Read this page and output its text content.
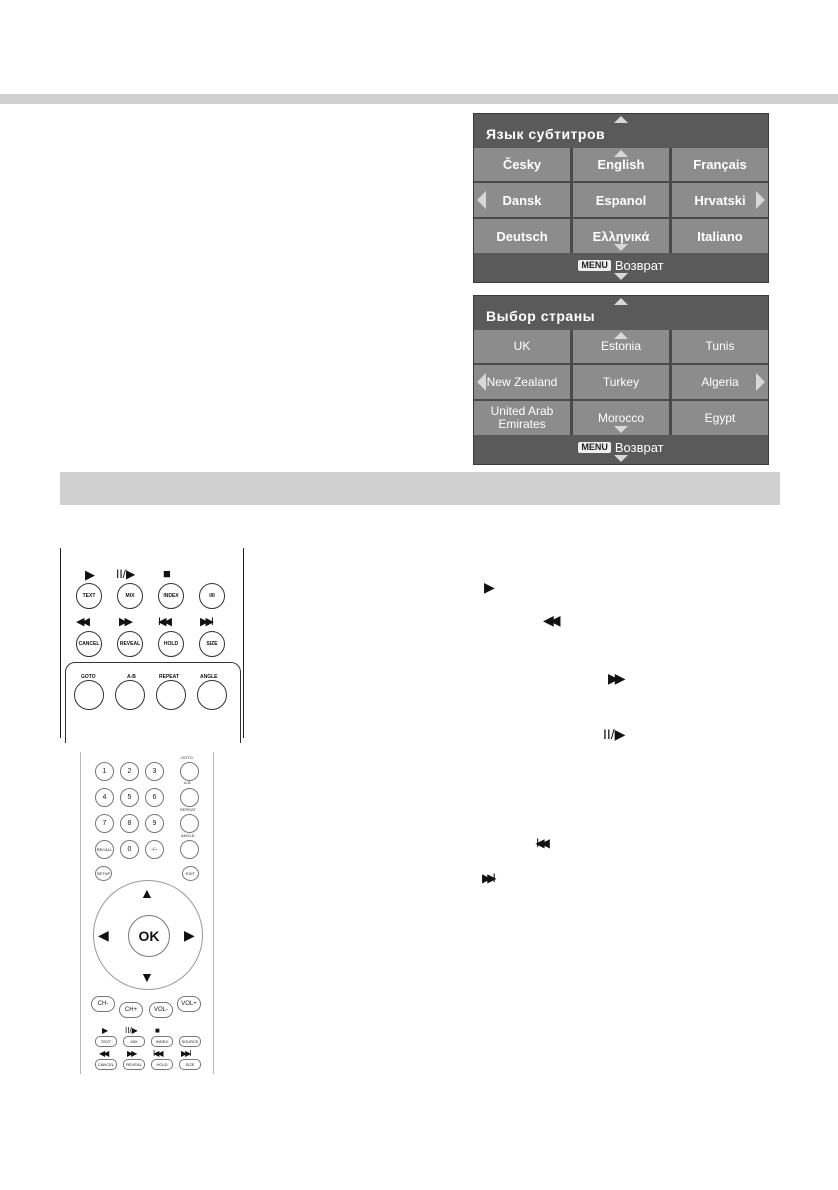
Язык субтитров
Česky	English	Français
Dansk	Espanol	Hrvatski
Deutsch	Ελληνικά	Italiano
MENU Возврат
Выбор страны
UK	Estonia	Tunis
New Zealand	Turkey	Algeria
United Arab Emirates	Morocco	Egypt
MENU Возврат
▶ II/▶ ■
TEXT	MIX	INDEX	I/II
◀◀	▶▶	I◀◀	▶▶I
CANCEL	REVEAL	HOLD	SIZE
GOTO	A-B	REPEAT	ANGLE
1	2	3
GOTO
4	5	6
A-B
7	8	9
REPEAT
RECALL	0	-/--
ANGLE
SETUP	EXIT
▲
▼
◀	▶
OK
CH-
CH+	VOL-
VOL+
▶ II/▶ ■
TEXT	MIX	INDEX	SOURCE
◀◀ ▶▶ I◀◀ ▶▶I
CANCEL	REVEAL	HOLD	SIZE
▶
◀◀
▶▶
II/▶
I◀◀
▶▶I
